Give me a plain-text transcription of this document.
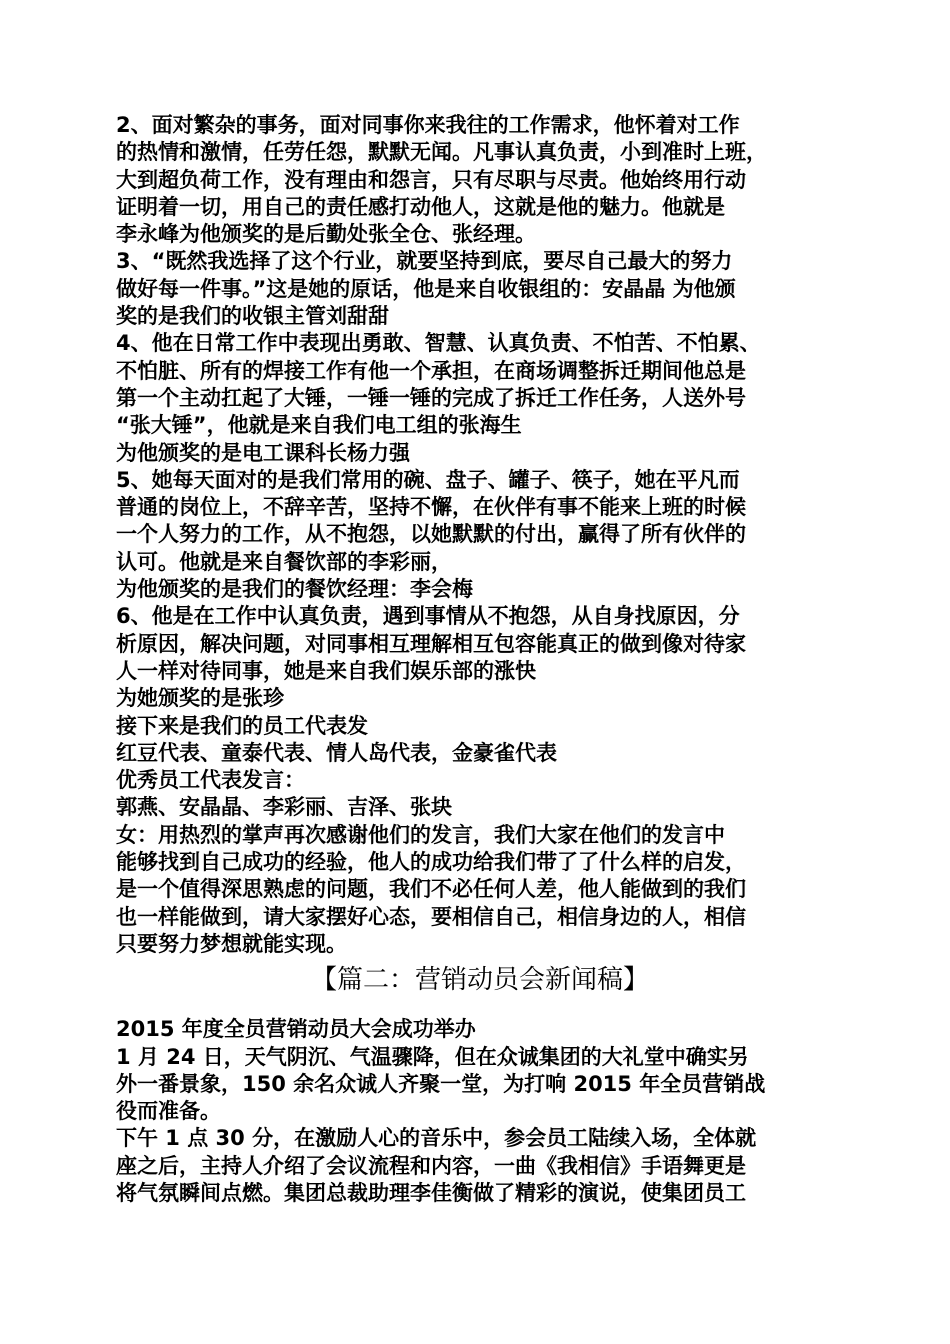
2、面对繁杂的事务，面对同事你来我往的工作需求，他怀着对工作
的热情和激情，任劳任怨，默默无闻。凡事认真负责，小到准时上班，
大到超负荷工作，没有理由和怨言，只有尽职与尽责。他始终用行动
证明着一切，用自己的责任感打动他人，这就是他的魅力。他就是
李永峰为他颁奖的是后勤处张全仓、张经理。
3、“既然我选择了这个行业，就要坚持到底，要尽自己最大的努力
做好每一件事。”这是她的原话，他是来自收银组的：安晶晶 为他颁
奖的是我们的收银主管刘甜甜
4、他在日常工作中表现出勇敢、智慧、认真负责、不怕苦、不怕累、
不怕脏、所有的焊接工作有他一个承担，在商场调整拆迁期间他总是
第一个主动扛起了大锤，一锤一锤的完成了拆迁工作任务，人送外号
“张大锤”，他就是来自我们电工组的张海生
为他颁奖的是电工课科长杨力强
5、她每天面对的是我们常用的碗、盘子、罐子、筷子，她在平凡而
普通的岗位上，不辞辛苦，坚持不懈，在伙伴有事不能来上班的时候
一个人努力的工作，从不抱怨，以她默默的付出，赢得了所有伙伴的
认可。他就是来自餐饮部的李彩丽，
为他颁奖的是我们的餐饮经理：李会梅
6、他是在工作中认真负责，遇到事情从不抱怨，从自身找原因，分
析原因，解决问题，对同事相互理解相互包容能真正的做到像对待家
人一样对待同事，她是来自我们娱乐部的涨快
为她颁奖的是张珍
接下来是我们的员工代表发
红豆代表、童泰代表、情人岛代表，金豪雀代表
优秀员工代表发言：
郭燕、安晶晶、李彩丽、吉泽、张块
女：用热烈的掌声再次感谢他们的发言，我们大家在他们的发言中
能够找到自己成功的经验，他人的成功给我们带了了什么样的启发，
是一个值得深思熟虑的问题，我们不必任何人差，他人能做到的我们
也一样能做到，请大家摆好心态，要相信自己，相信身边的人，相信
只要努力梦想就能实现。
【篇二：营销动员会新闻稿】
2015 年度全员营销动员大会成功举办
1 月 24 日，天气阴沉、气温骤降，但在众诚集团的大礼堂中确实另
外一番景象，150 余名众诚人齐聚一堂，为打响 2015 年全员营销战
役而准备。
下午 1 点 30 分，在激励人心的音乐中，参会员工陆续入场，全体就
座之后，主持人介绍了会议流程和内容，一曲《我相信》手语舞更是
将气氛瞬间点燃。集团总裁助理李佳衡做了精彩的演说，使集团员工
